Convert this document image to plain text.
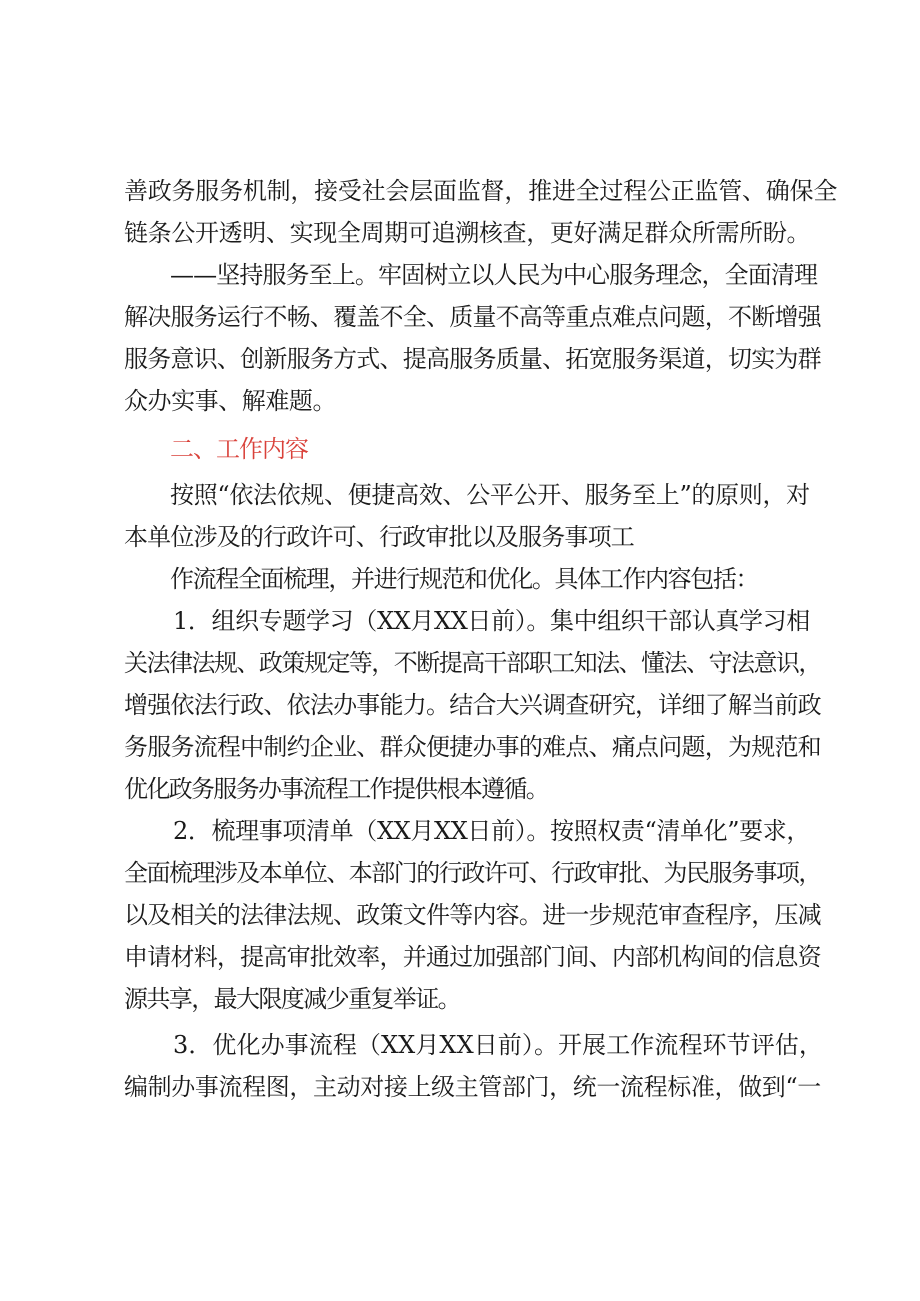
善政务服务机制，接受社会层面监督，推进全过程公正监管、确保全
链条公开透明、实现全周期可追溯核查，更好满足群众所需所盼。
——坚持服务至上。牢固树立以人民为中心服务理念，全面清理
解决服务运行不畅、覆盖不全、质量不高等重点难点问题，不断增强
服务意识、创新服务方式、提高服务质量、拓宽服务渠道，切实为群
众办实事、解难题。
二、工作内容
按照“依法依规、便捷高效、公平公开、服务至上”的原则，对
本单位涉及的行政许可、行政审批以及服务事项工
作流程全面梳理，并进行规范和优化。具体工作内容包括：
1．组织专题学习（XX月XX日前）。集中组织干部认真学习相
关法律法规、政策规定等，不断提高干部职工知法、懂法、守法意识，
增强依法行政、依法办事能力。结合大兴调查研究，详细了解当前政
务服务流程中制约企业、群众便捷办事的难点、痛点问题，为规范和
优化政务服务办事流程工作提供根本遵循。
2．梳理事项清单（XX月XX日前）。按照权责“清单化”要求，
全面梳理涉及本单位、本部门的行政许可、行政审批、为民服务事项，
以及相关的法律法规、政策文件等内容。进一步规范审查程序，压减
申请材料，提高审批效率，并通过加强部门间、内部机构间的信息资
源共享，最大限度减少重复举证。
3．优化办事流程（XX月XX日前）。开展工作流程环节评估，
编制办事流程图，主动对接上级主管部门，统一流程标准，做到“一
